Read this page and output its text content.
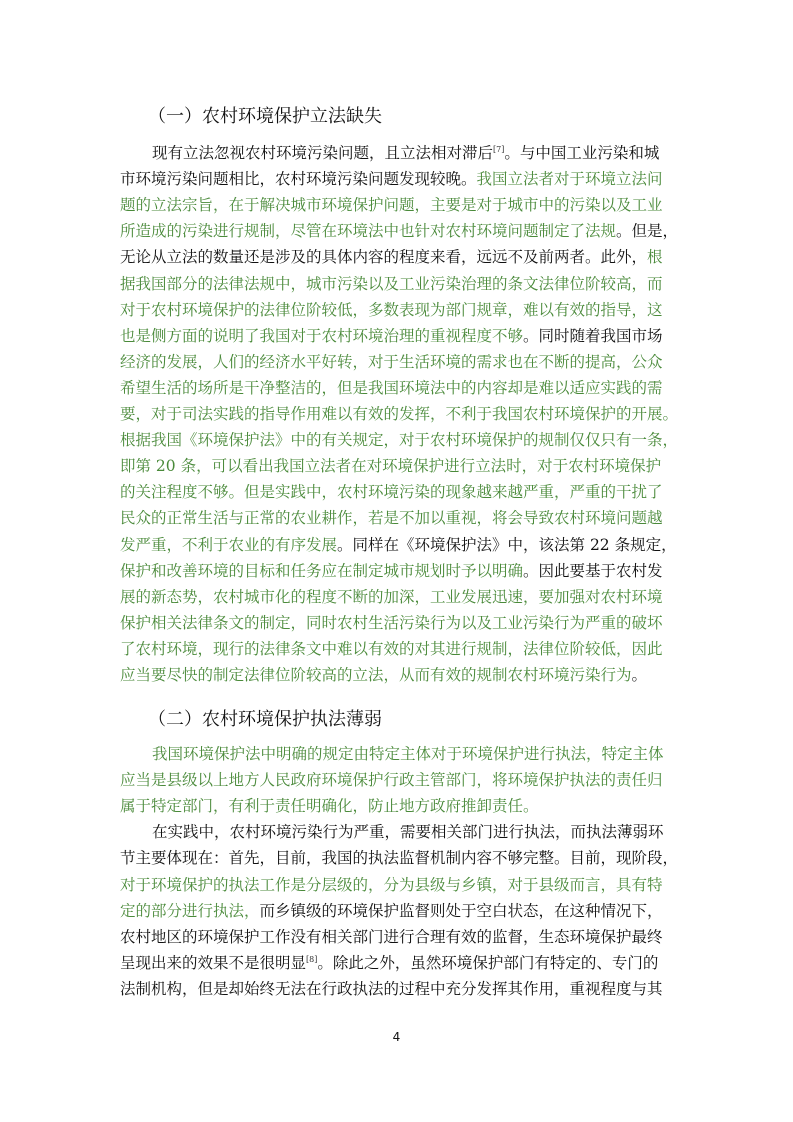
（一）农村环境保护立法缺失
现有立法忽视农村环境污染问题，且立法相对滞后[7]。与中国工业污染和城
市环境污染问题相比，农村环境污染问题发现较晚。我国立法者对于环境立法问
题的立法宗旨，在于解决城市环境保护问题，主要是对于城市中的污染以及工业
所造成的污染进行规制，尽管在环境法中也针对农村环境问题制定了法规。但是，
无论从立法的数量还是涉及的具体内容的程度来看，远远不及前两者。此外，根
据我国部分的法律法规中，城市污染以及工业污染治理的条文法律位阶较高，而
对于农村环境保护的法律位阶较低，多数表现为部门规章，难以有效的指导，这
也是侧方面的说明了我国对于农村环境治理的重视程度不够。同时随着我国市场
经济的发展，人们的经济水平好转，对于生活环境的需求也在不断的提高，公众
希望生活的场所是干净整洁的，但是我国环境法中的内容却是难以适应实践的需
要，对于司法实践的指导作用难以有效的发挥，不利于我国农村环境保护的开展。
根据我国《环境保护法》中的有关规定，对于农村环境保护的规制仅仅只有一条，
即第 20 条，可以看出我国立法者在对环境保护进行立法时，对于农村环境保护
的关注程度不够。但是实践中，农村环境污染的现象越来越严重，严重的干扰了
民众的正常生活与正常的农业耕作，若是不加以重视，将会导致农村环境问题越
发严重，不利于农业的有序发展。同样在《环境保护法》中，该法第 22 条规定，
保护和改善环境的目标和任务应在制定城市规划时予以明确。因此要基于农村发
展的新态势，农村城市化的程度不断的加深，工业发展迅速，要加强对农村环境
保护相关法律条文的制定，同时农村生活污染行为以及工业污染行为严重的破坏
了农村环境，现行的法律条文中难以有效的对其进行规制，法律位阶较低，因此
应当要尽快的制定法律位阶较高的立法，从而有效的规制农村环境污染行为。
（二）农村环境保护执法薄弱
我国环境保护法中明确的规定由特定主体对于环境保护进行执法，特定主体
应当是县级以上地方人民政府环境保护行政主管部门，将环境保护执法的责任归
属于特定部门，有利于责任明确化，防止地方政府推卸责任。
在实践中，农村环境污染行为严重，需要相关部门进行执法，而执法薄弱环
节主要体现在：首先，目前，我国的执法监督机制内容不够完整。目前，现阶段，
对于环境保护的执法工作是分层级的，分为县级与乡镇，对于县级而言，具有特
定的部分进行执法，而乡镇级的环境保护监督则处于空白状态，在这种情况下，
农村地区的环境保护工作没有相关部门进行合理有效的监督，生态环境保护最终
呈现出来的效果不是很明显[8]。除此之外，虽然环境保护部门有特定的、专门的
法制机构，但是却始终无法在行政执法的过程中充分发挥其作用，重视程度与其
4
